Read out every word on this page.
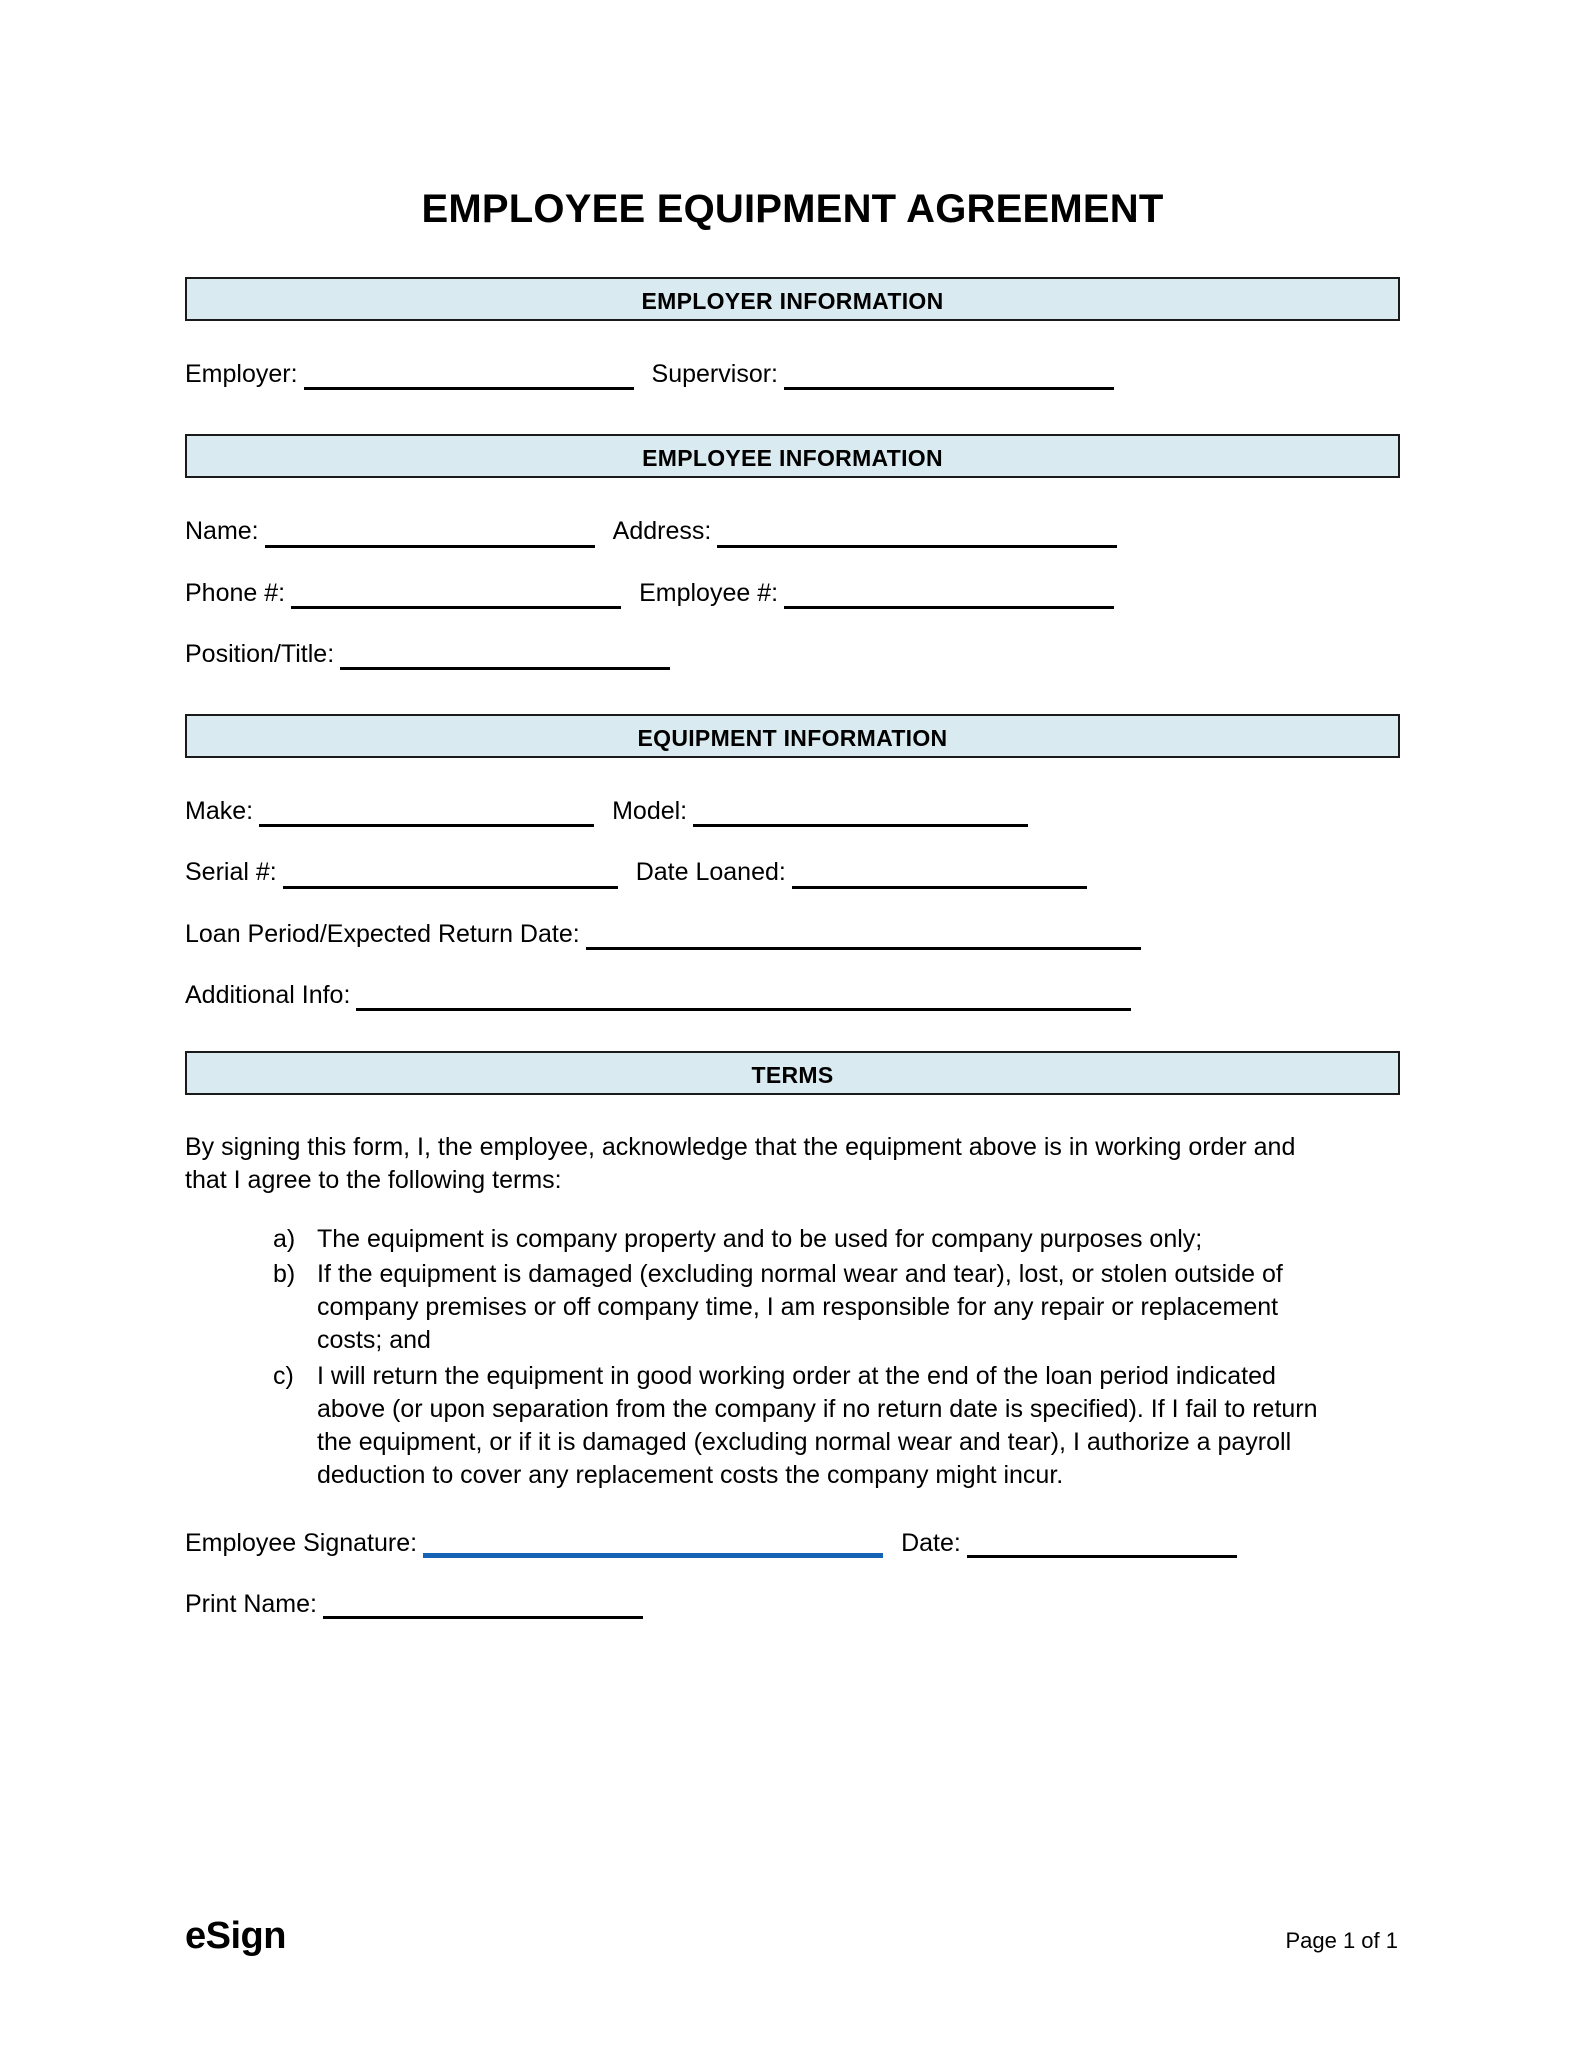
EMPLOYEE EQUIPMENT AGREEMENT
EMPLOYER INFORMATION
Employer:	Supervisor:
EMPLOYEE INFORMATION
Name:	Address:
Phone #:	Employee #:
Position/Title:
EQUIPMENT INFORMATION
Make:	Model:
Serial #:	Date Loaned:
Loan Period/Expected Return Date:
Additional Info:
TERMS

By signing this form, I, the employee, acknowledge that the equipment above is in working order and that I agree to the following terms:

a) The equipment is company property and to be used for company purposes only;
b) If the equipment is damaged (excluding normal wear and tear), lost, or stolen outside of company premises or off company time, I am responsible for any repair or replacement costs; and
c) I will return the equipment in good working order at the end of the loan period indicated above (or upon separation from the company if no return date is specified). If I fail to return the equipment, or if it is damaged (excluding normal wear and tear), I authorize a payroll deduction to cover any replacement costs the company might incur.
Employee Signature:	Date:
Print Name:
eSign	Page 1 of 1
